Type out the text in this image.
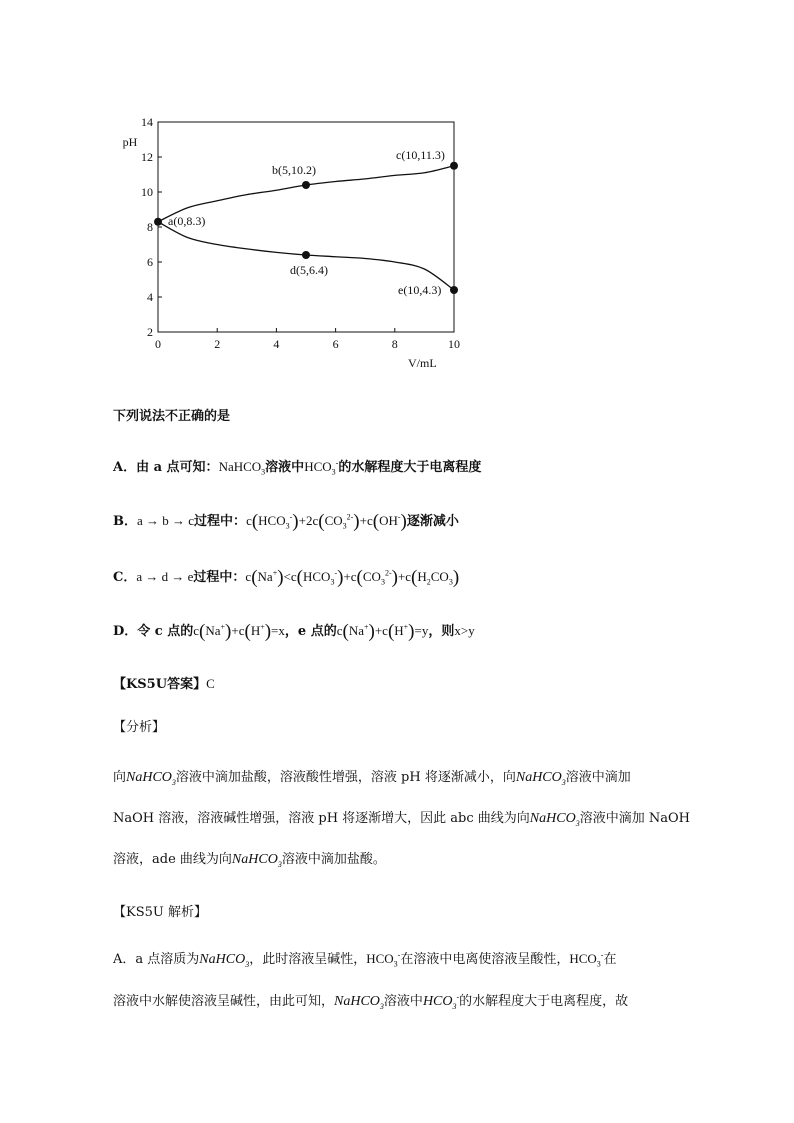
0	2	4	6	8	10
2
4
6
8
10
12
14
pH
V/mL
a(0,8.3)
b(5,10.2)
c(10,11.3)
d(5,6.4)
e(10,4.3)
下列说法不正确的是
A．由 a 点可知：NaHCO$_3$溶液中$HCO_3^-$的水解程度大于电离程度
B．a → b → c过程中：$c(HCO_3^-)+2c(CO_3^{2-})+c(OH^-)$逐渐减小
C．a → d → e过程中：$c(Na^+)<c(HCO_3^-)+c(CO_3^{2-})+c(H_2CO_3)$
D．令 c 点的c(Na+)+c(H+)=x，e 点的c(Na+)+c(H+)=y，则x>y
【KS5U答案】C
【分析】
向NaHCO$_3$溶液中滴加盐酸，溶液酸性增强，溶液 pH 将逐渐减小，向NaHCO$_3$溶液中滴加
NaOH 溶液，溶液碱性增强，溶液 pH 将逐渐增大，因此 abc 曲线为向NaHCO$_3$溶液中滴加 NaOH
溶液，ade 曲线为向NaHCO$_3$溶液中滴加盐酸。
【KS5U 解析】
A．a 点溶质为NaHCO$_3$，此时溶液呈碱性，$HCO_3^-$在溶液中电离使溶液呈酸性，$HCO_3^-$在
溶液中水解使溶液呈碱性，由此可知，NaHCO$_3$溶液中$HCO_3^-$的水解程度大于电离程度，故
